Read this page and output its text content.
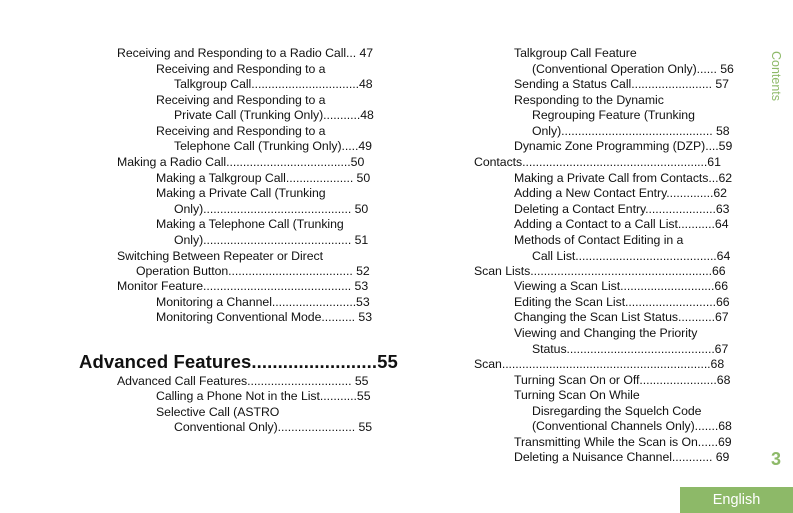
Receiving and Responding to a Radio Call... 47
Receiving and Responding to a
Talkgroup Call................................48
Receiving and Responding to a
Private Call (Trunking Only)...........48
Receiving and Responding to a
Telephone Call (Trunking Only).....49
Making a Radio Call.....................................50
Making a Talkgroup Call.................... 50
Making a Private Call (Trunking
Only)............................................ 50
Making a Telephone Call (Trunking
Only)............................................ 51
Switching Between Repeater or Direct
Operation Button..................................... 52
Monitor Feature............................................ 53
Monitoring a Channel.........................53
Monitoring Conventional Mode.......... 53
Advanced Features........................55
Advanced Call Features............................... 55
Calling a Phone Not in the List...........55
Selective Call (ASTRO
Conventional Only)....................... 55
Talkgroup Call Feature
(Conventional Operation Only)...... 56
Sending a Status Call........................ 57
Responding to the Dynamic
Regrouping Feature (Trunking
Only)............................................. 58
Dynamic Zone Programming (DZP)....59
Contacts.......................................................61
Making a Private Call from Contacts...62
Adding a New Contact Entry..............62
Deleting a Contact Entry.....................63
Adding a Contact to a Call List...........64
Methods of Contact Editing in a
Call List..........................................64
Scan Lists......................................................66
Viewing a Scan List............................66
Editing the Scan List...........................66
Changing the Scan List Status...........67
Viewing and Changing the Priority
Status............................................67
Scan..............................................................68
Turning Scan On or Off.......................68
Turning Scan On While
Disregarding the Squelch Code
(Conventional Channels Only).......68
Transmitting While the Scan is On......69
Deleting a Nuisance Channel............ 69
Contents
3
English
